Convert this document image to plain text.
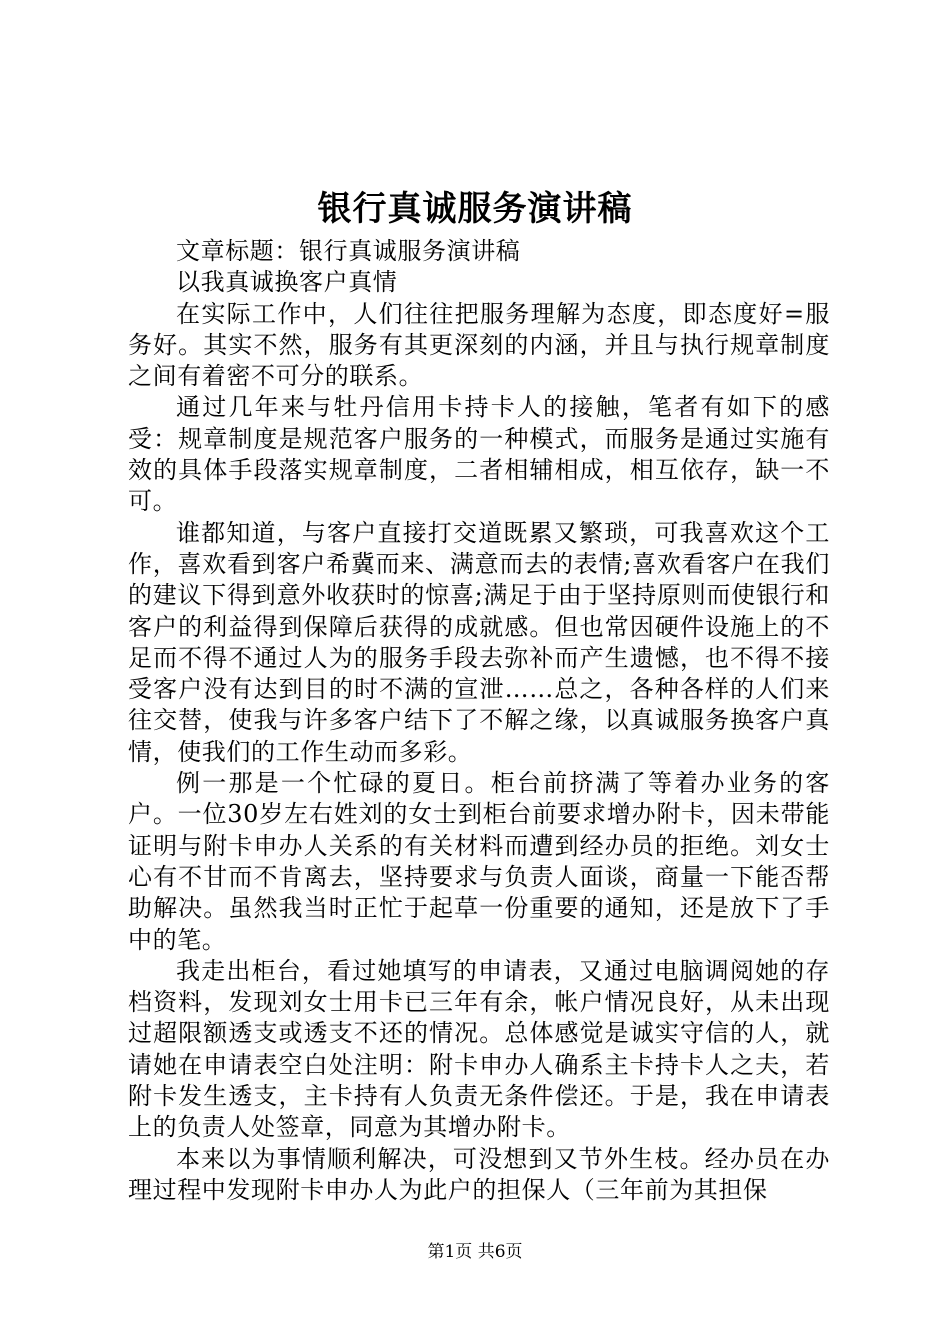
银行真诚服务演讲稿

文章标题：银行真诚服务演讲稿

以我真诚换客户真情

在实际工作中，人们往往把服务理解为态度，即态度好=服务好。其实不然，服务有其更深刻的内涵，并且与执行规章制度之间有着密不可分的联系。

通过几年来与牡丹信用卡持卡人的接触，笔者有如下的感受：规章制度是规范客户服务的一种模式，而服务是通过实施有效的具体手段落实规章制度，二者相辅相成，相互依存，缺一不可。

谁都知道，与客户直接打交道既累又繁琐，可我喜欢这个工作，喜欢看到客户希冀而来、满意而去的表情;喜欢看客户在我们的建议下得到意外收获时的惊喜;满足于由于坚持原则而使银行和客户的利益得到保障后获得的成就感。但也常因硬件设施上的不足而不得不通过人为的服务手段去弥补而产生遗憾，也不得不接受客户没有达到目的时不满的宣泄……总之，各种各样的人们来往交替，使我与许多客户结下了不解之缘，以真诚服务换客户真情，使我们的工作生动而多彩。

例一那是一个忙碌的夏日。柜台前挤满了等着办业务的客户。一位30岁左右姓刘的女士到柜台前要求增办附卡，因未带能证明与附卡申办人关系的有关材料而遭到经办员的拒绝。刘女士心有不甘而不肯离去，坚持要求与负责人面谈，商量一下能否帮助解决。虽然我当时正忙于起草一份重要的通知，还是放下了手中的笔。

我走出柜台，看过她填写的申请表，又通过电脑调阅她的存档资料，发现刘女士用卡已三年有余，帐户情况良好，从未出现过超限额透支或透支不还的情况。总体感觉是诚实守信的人，就请她在申请表空白处注明：附卡申办人确系主卡持卡人之夫，若附卡发生透支，主卡持有人负责无条件偿还。于是，我在申请表上的负责人处签章，同意为其增办附卡。

本来以为事情顺利解决，可没想到又节外生枝。经办员在办理过程中发现附卡申办人为此户的担保人（三年前为其担保

第1页 共6页
